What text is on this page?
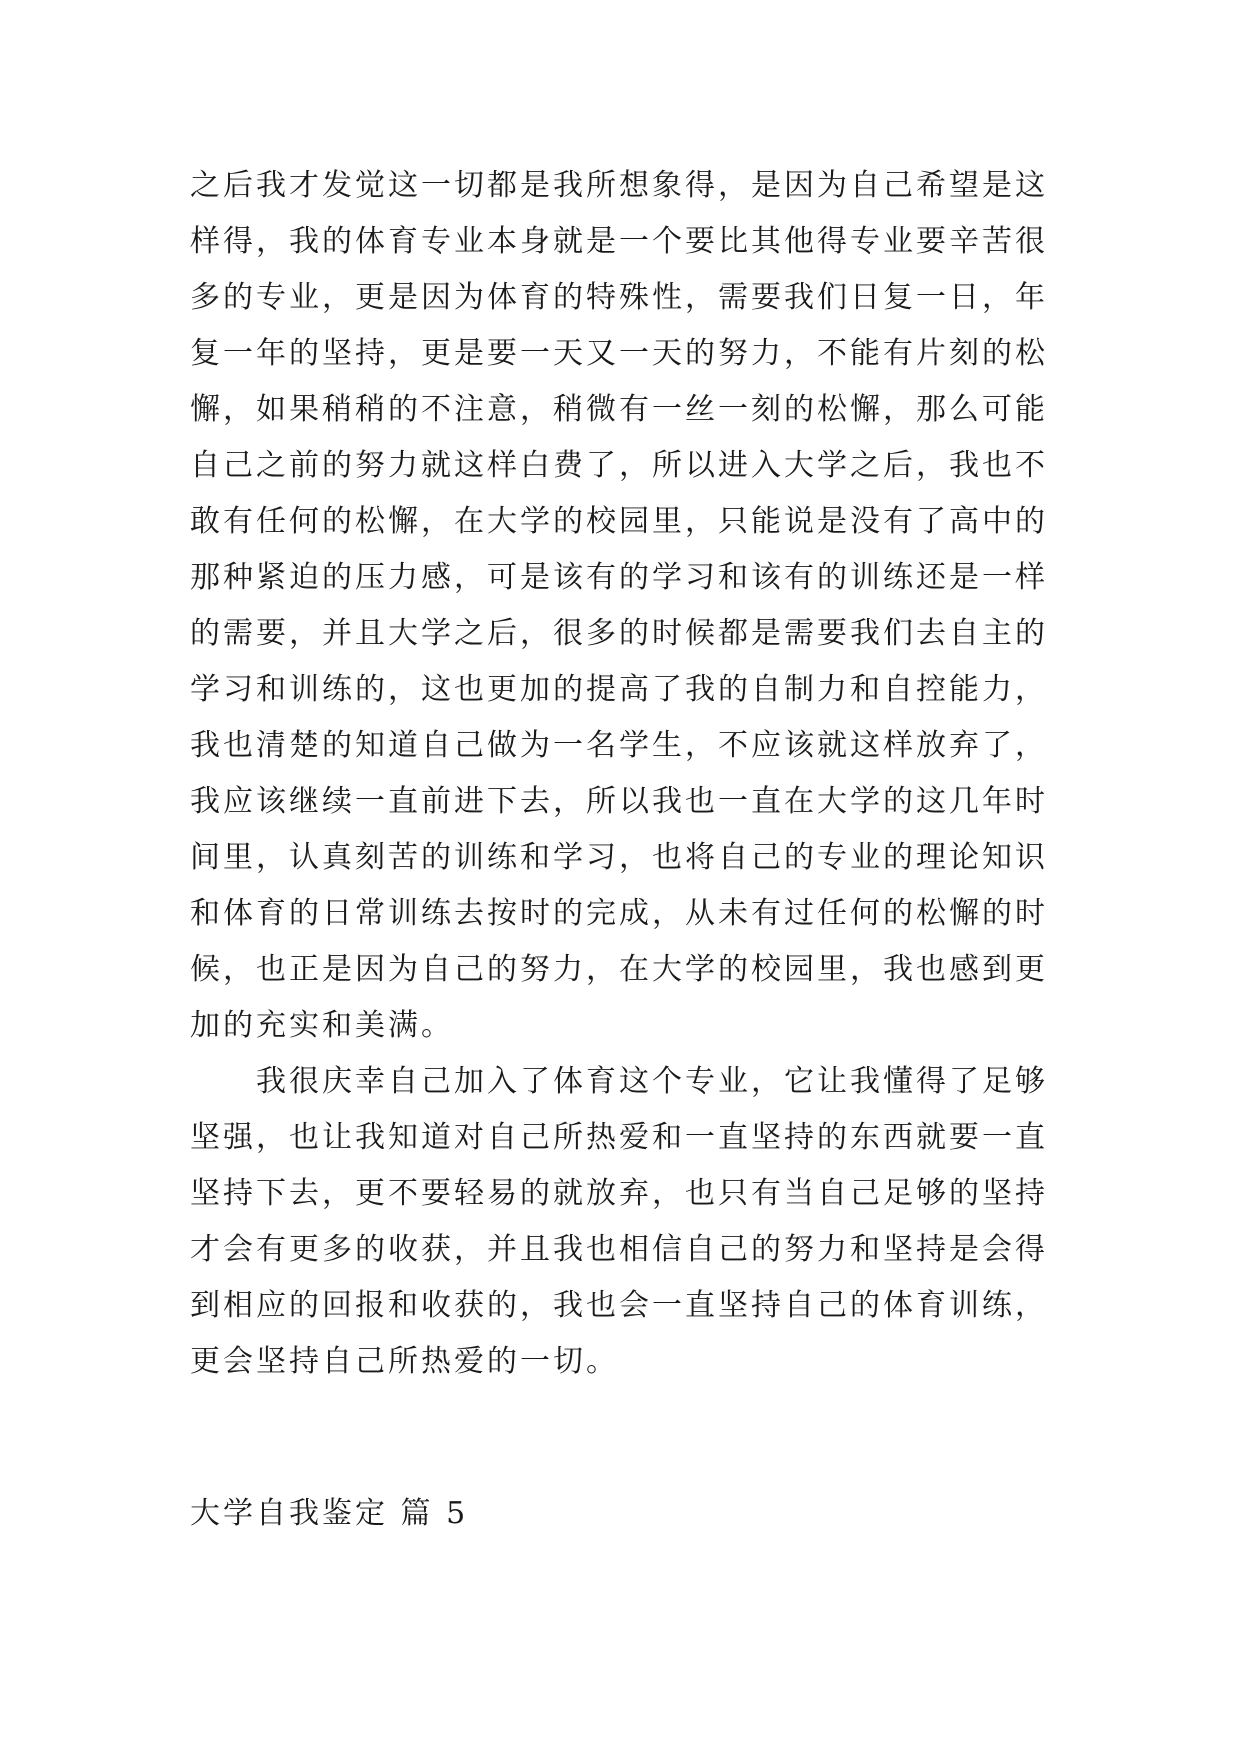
之后我才发觉这一切都是我所想象得，是因为自己希望是这
样得，我的体育专业本身就是一个要比其他得专业要辛苦很
多的专业，更是因为体育的特殊性，需要我们日复一日，年
复一年的坚持，更是要一天又一天的努力，不能有片刻的松
懈，如果稍稍的不注意，稍微有一丝一刻的松懈，那么可能
自己之前的努力就这样白费了，所以进入大学之后，我也不
敢有任何的松懈，在大学的校园里，只能说是没有了高中的
那种紧迫的压力感，可是该有的学习和该有的训练还是一样
的需要，并且大学之后，很多的时候都是需要我们去自主的
学习和训练的，这也更加的提高了我的自制力和自控能力，
我也清楚的知道自己做为一名学生，不应该就这样放弃了，
我应该继续一直前进下去，所以我也一直在大学的这几年时
间里，认真刻苦的训练和学习，也将自己的专业的理论知识
和体育的日常训练去按时的完成，从未有过任何的松懈的时
候，也正是因为自己的努力，在大学的校园里，我也感到更
加的充实和美满。
我很庆幸自己加入了体育这个专业，它让我懂得了足够
坚强，也让我知道对自己所热爱和一直坚持的东西就要一直
坚持下去，更不要轻易的就放弃，也只有当自己足够的坚持
才会有更多的收获，并且我也相信自己的努力和坚持是会得
到相应的回报和收获的，我也会一直坚持自己的体育训练，
更会坚持自己所热爱的一切。
大学自我鉴定 篇 5
